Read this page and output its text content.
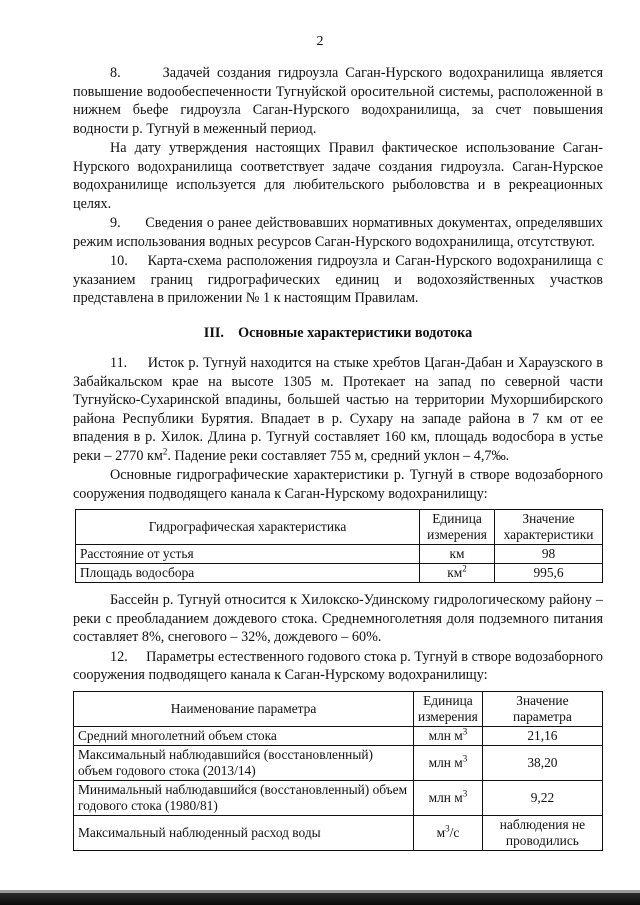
2

8.      Задачей создания гидроузла Саган-Нурского водохранилища является повышение водообеспеченности Тугнуйской оросительной системы, расположенной в нижнем бьефе гидроузла Саган-Нурского водохранилища, за счет повышения водности р. Тугнуй в меженный период.

На дату утверждения настоящих Правил фактическое использование Саган-Нурского водохранилища соответствует задаче создания гидроузла. Саган-Нурское водохранилище используется для любительского рыболовства и в рекреационных целях.

9.      Сведения о ранее действовавших нормативных документах, определявших режим использования водных ресурсов Саган-Нурского водохранилища, отсутствуют.

10.    Карта-схема расположения гидроузла и Саган-Нурского водохранилища с указанием границ гидрографических единиц и водохозяйственных участков представлена в приложении № 1 к настоящим Правилам.

III.    Основные характеристики водотока

11.     Исток р. Тугнуй находится на стыке хребтов Цаган-Дабан и Хараузского в Забайкальском крае на высоте 1305 м. Протекает на запад по северной части Тугнуйско-Сухаринской впадины, большей частью на территории Мухоршибирского района Республики Бурятия. Впадает в р. Сухару на западе района в 7 км от ее впадения в р. Хилок. Длина р. Тугнуй составляет 160 км, площадь водосбора в устье реки – 2770 $км^2$. Падение реки составляет 755 м, средний уклон – 4,7‰.

Основные гидрографические характеристики р. Тугнуй в створе водозаборного сооружения подводящего канала к Саган-Нурскому водохранилищу:

Гидрографическая характеристика	Единица измерения	Значение характеристики
Расстояние от устья	км	98
Площадь водосбора	$км^2$	995,6

Бассейн р. Тугнуй относится к Хилокско-Удинскому гидрологическому району – реки с преобладанием дождевого стока. Среднемноголетняя доля подземного питания составляет 8%, снегового – 32%, дождевого – 60%.

12.     Параметры естественного годового стока р. Тугнуй в створе водозаборного сооружения подводящего канала к Саган-Нурскому водохранилищу:

Наименование параметра	Единица измерения	Значение параметра
Средний многолетний объем стока	млн $м^3$	21,16
Максимальный наблюдавшийся (восстановленный) объем годового стока (2013/14)	млн $м^3$	38,20
Минимальный наблюдавшийся (восстановленный) объем годового стока (1980/81)	млн $м^3$	9,22
Максимальный наблюденный расход воды	$м^3/с$	наблюдения не проводились
